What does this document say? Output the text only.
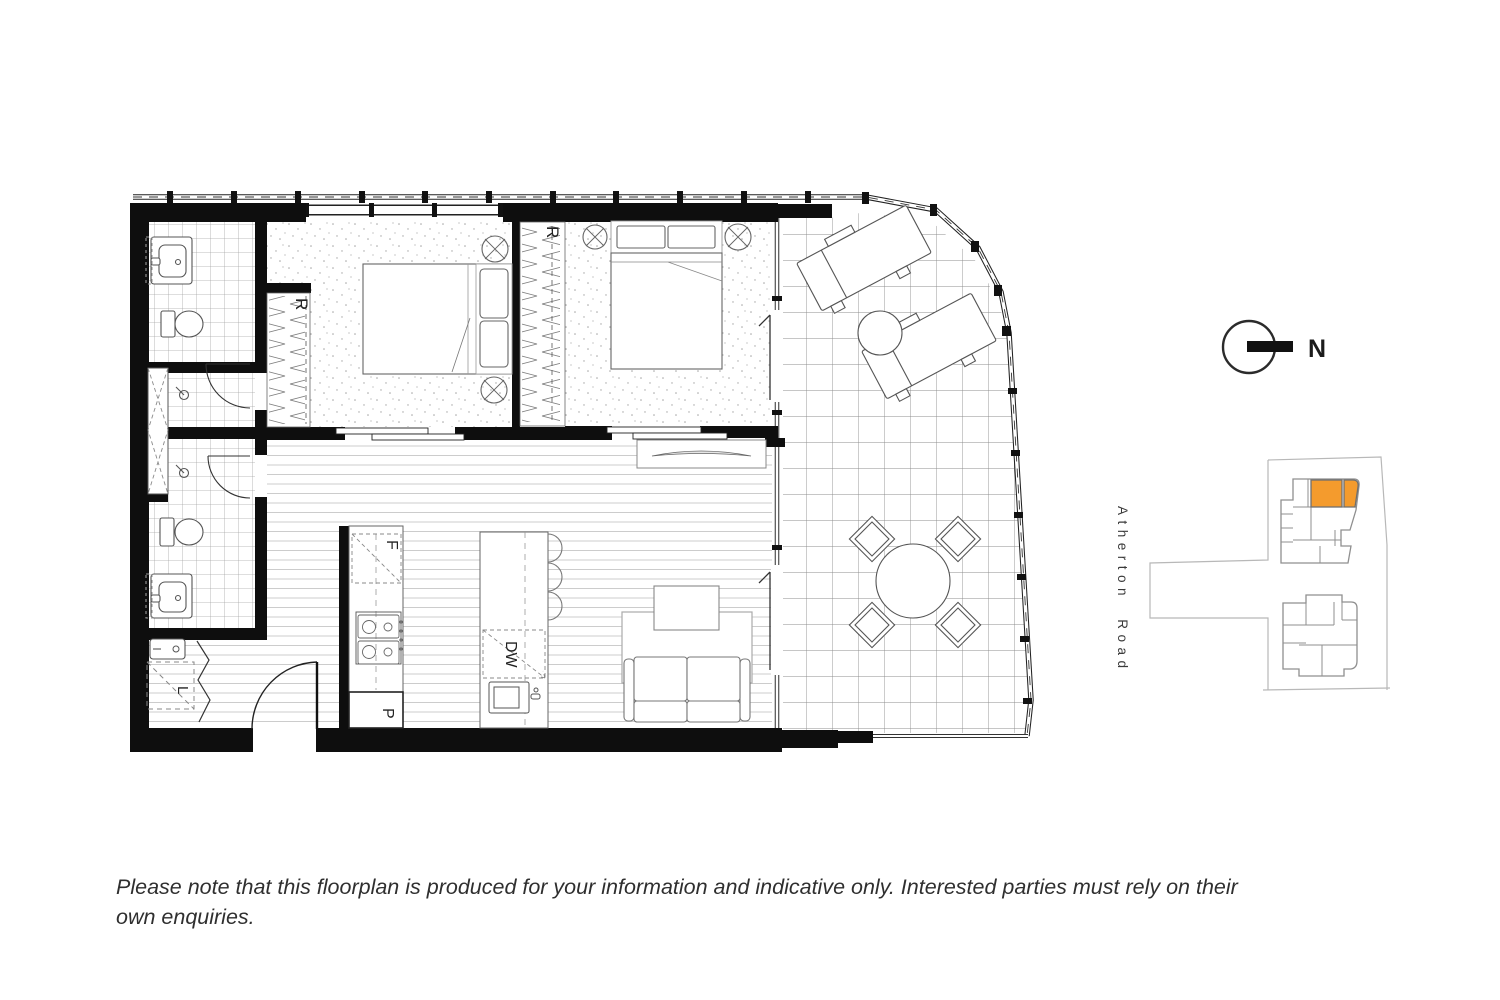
L
R
R
F
P
DW
N
Atherton Road
Please note that this floorplan is produced for your information and indicative only. Interested parties must rely on their
own enquiries.
